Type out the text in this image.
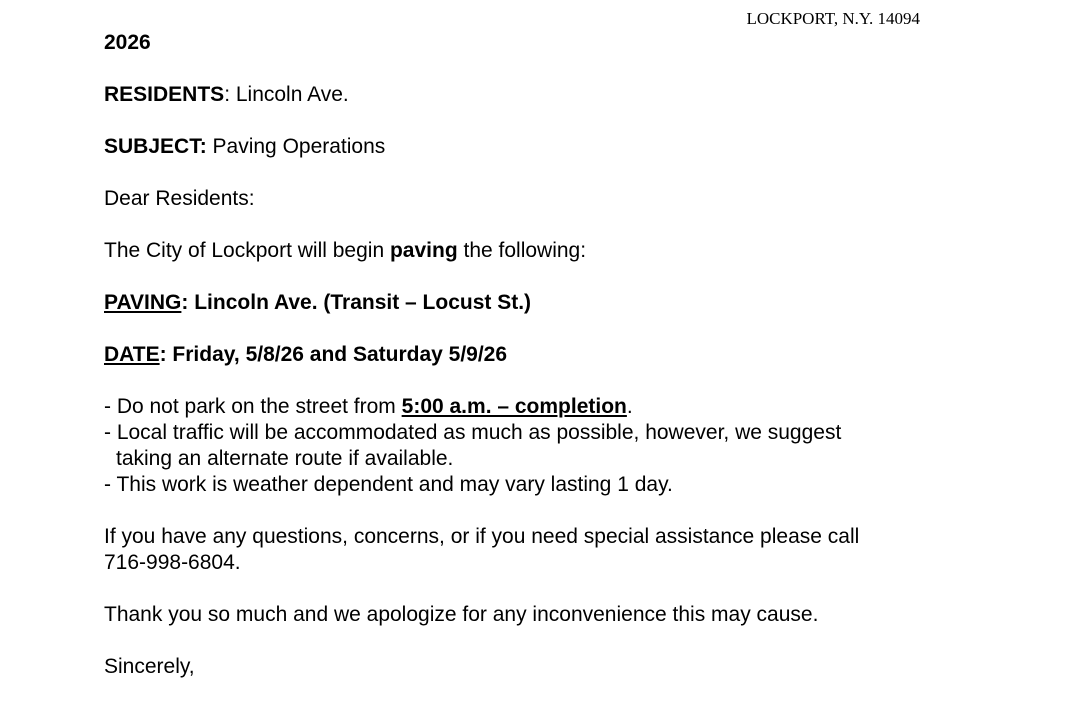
LOCKPORT, N.Y. 14094

2026

RESIDENTS: Lincoln Ave.

SUBJECT: Paving Operations

Dear Residents:

The City of Lockport will begin paving the following:

PAVING: Lincoln Ave. (Transit – Locust St.)

DATE: Friday, 5/8/26 and Saturday 5/9/26

- Do not park on the street from 5:00 a.m. – completion.

- Local traffic will be accommodated as much as possible, however, we suggest

taking an alternate route if available.

- This work is weather dependent and may vary lasting 1 day.

If you have any questions, concerns, or if you need special assistance please call
716-998-6804.

Thank you so much and we apologize for any inconvenience this may cause.

Sincerely,
